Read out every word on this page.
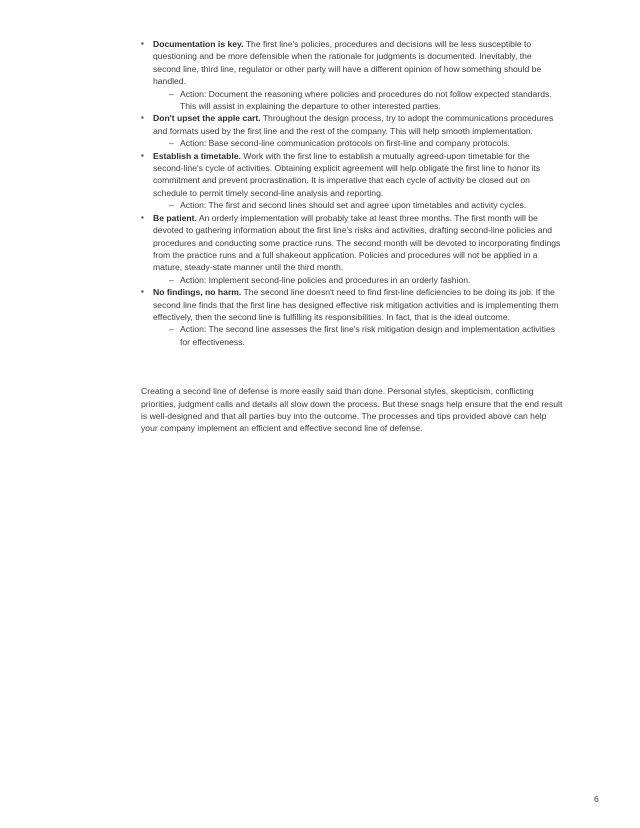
▪ Documentation is key. The first line's policies, procedures and decisions will be less susceptible to questioning and be more defensible when the rationale for judgments is documented. Inevitably, the second line, third line, regulator or other party will have a different opinion of how something should be handled.
– Action: Document the reasoning where policies and procedures do not follow expected standards. This will assist in explaining the departure to other interested parties.
▪ Don't upset the apple cart. Throughout the design process, try to adopt the communications procedures and formats used by the first line and the rest of the company. This will help smooth implementation.
– Action: Base second-line communication protocols on first-line and company protocols.
▪ Establish a timetable. Work with the first line to establish a mutually agreed-upon timetable for the second-line's cycle of activities. Obtaining explicit agreement will help obligate the first line to honor its commitment and prevent procrastination. It is imperative that each cycle of activity be closed out on schedule to permit timely second-line analysis and reporting.
– Action: The first and second lines should set and agree upon timetables and activity cycles.
▪ Be patient. An orderly implementation will probably take at least three months. The first month will be devoted to gathering information about the first line's risks and activities, drafting second-line policies and procedures and conducting some practice runs. The second month will be devoted to incorporating findings from the practice runs and a full shakeout application. Policies and procedures will not be applied in a mature, steady-state manner until the third month.
– Action: Implement second-line policies and procedures in an orderly fashion.
▪ No findings, no harm. The second line doesn't need to find first-line deficiencies to be doing its job. If the second line finds that the first line has designed effective risk mitigation activities and is implementing them effectively, then the second line is fulfilling its responsibilities. In fact, that is the ideal outcome.
– Action: The second line assesses the first line's risk mitigation design and implementation activities for effectiveness.

Creating a second line of defense is more easily said than done. Personal styles, skepticism, conflicting priorities, judgment calls and details all slow down the process. But these snags help ensure that the end result is well-designed and that all parties buy into the outcome. The processes and tips provided above can help your company implement an efficient and effective second line of defense.

6
